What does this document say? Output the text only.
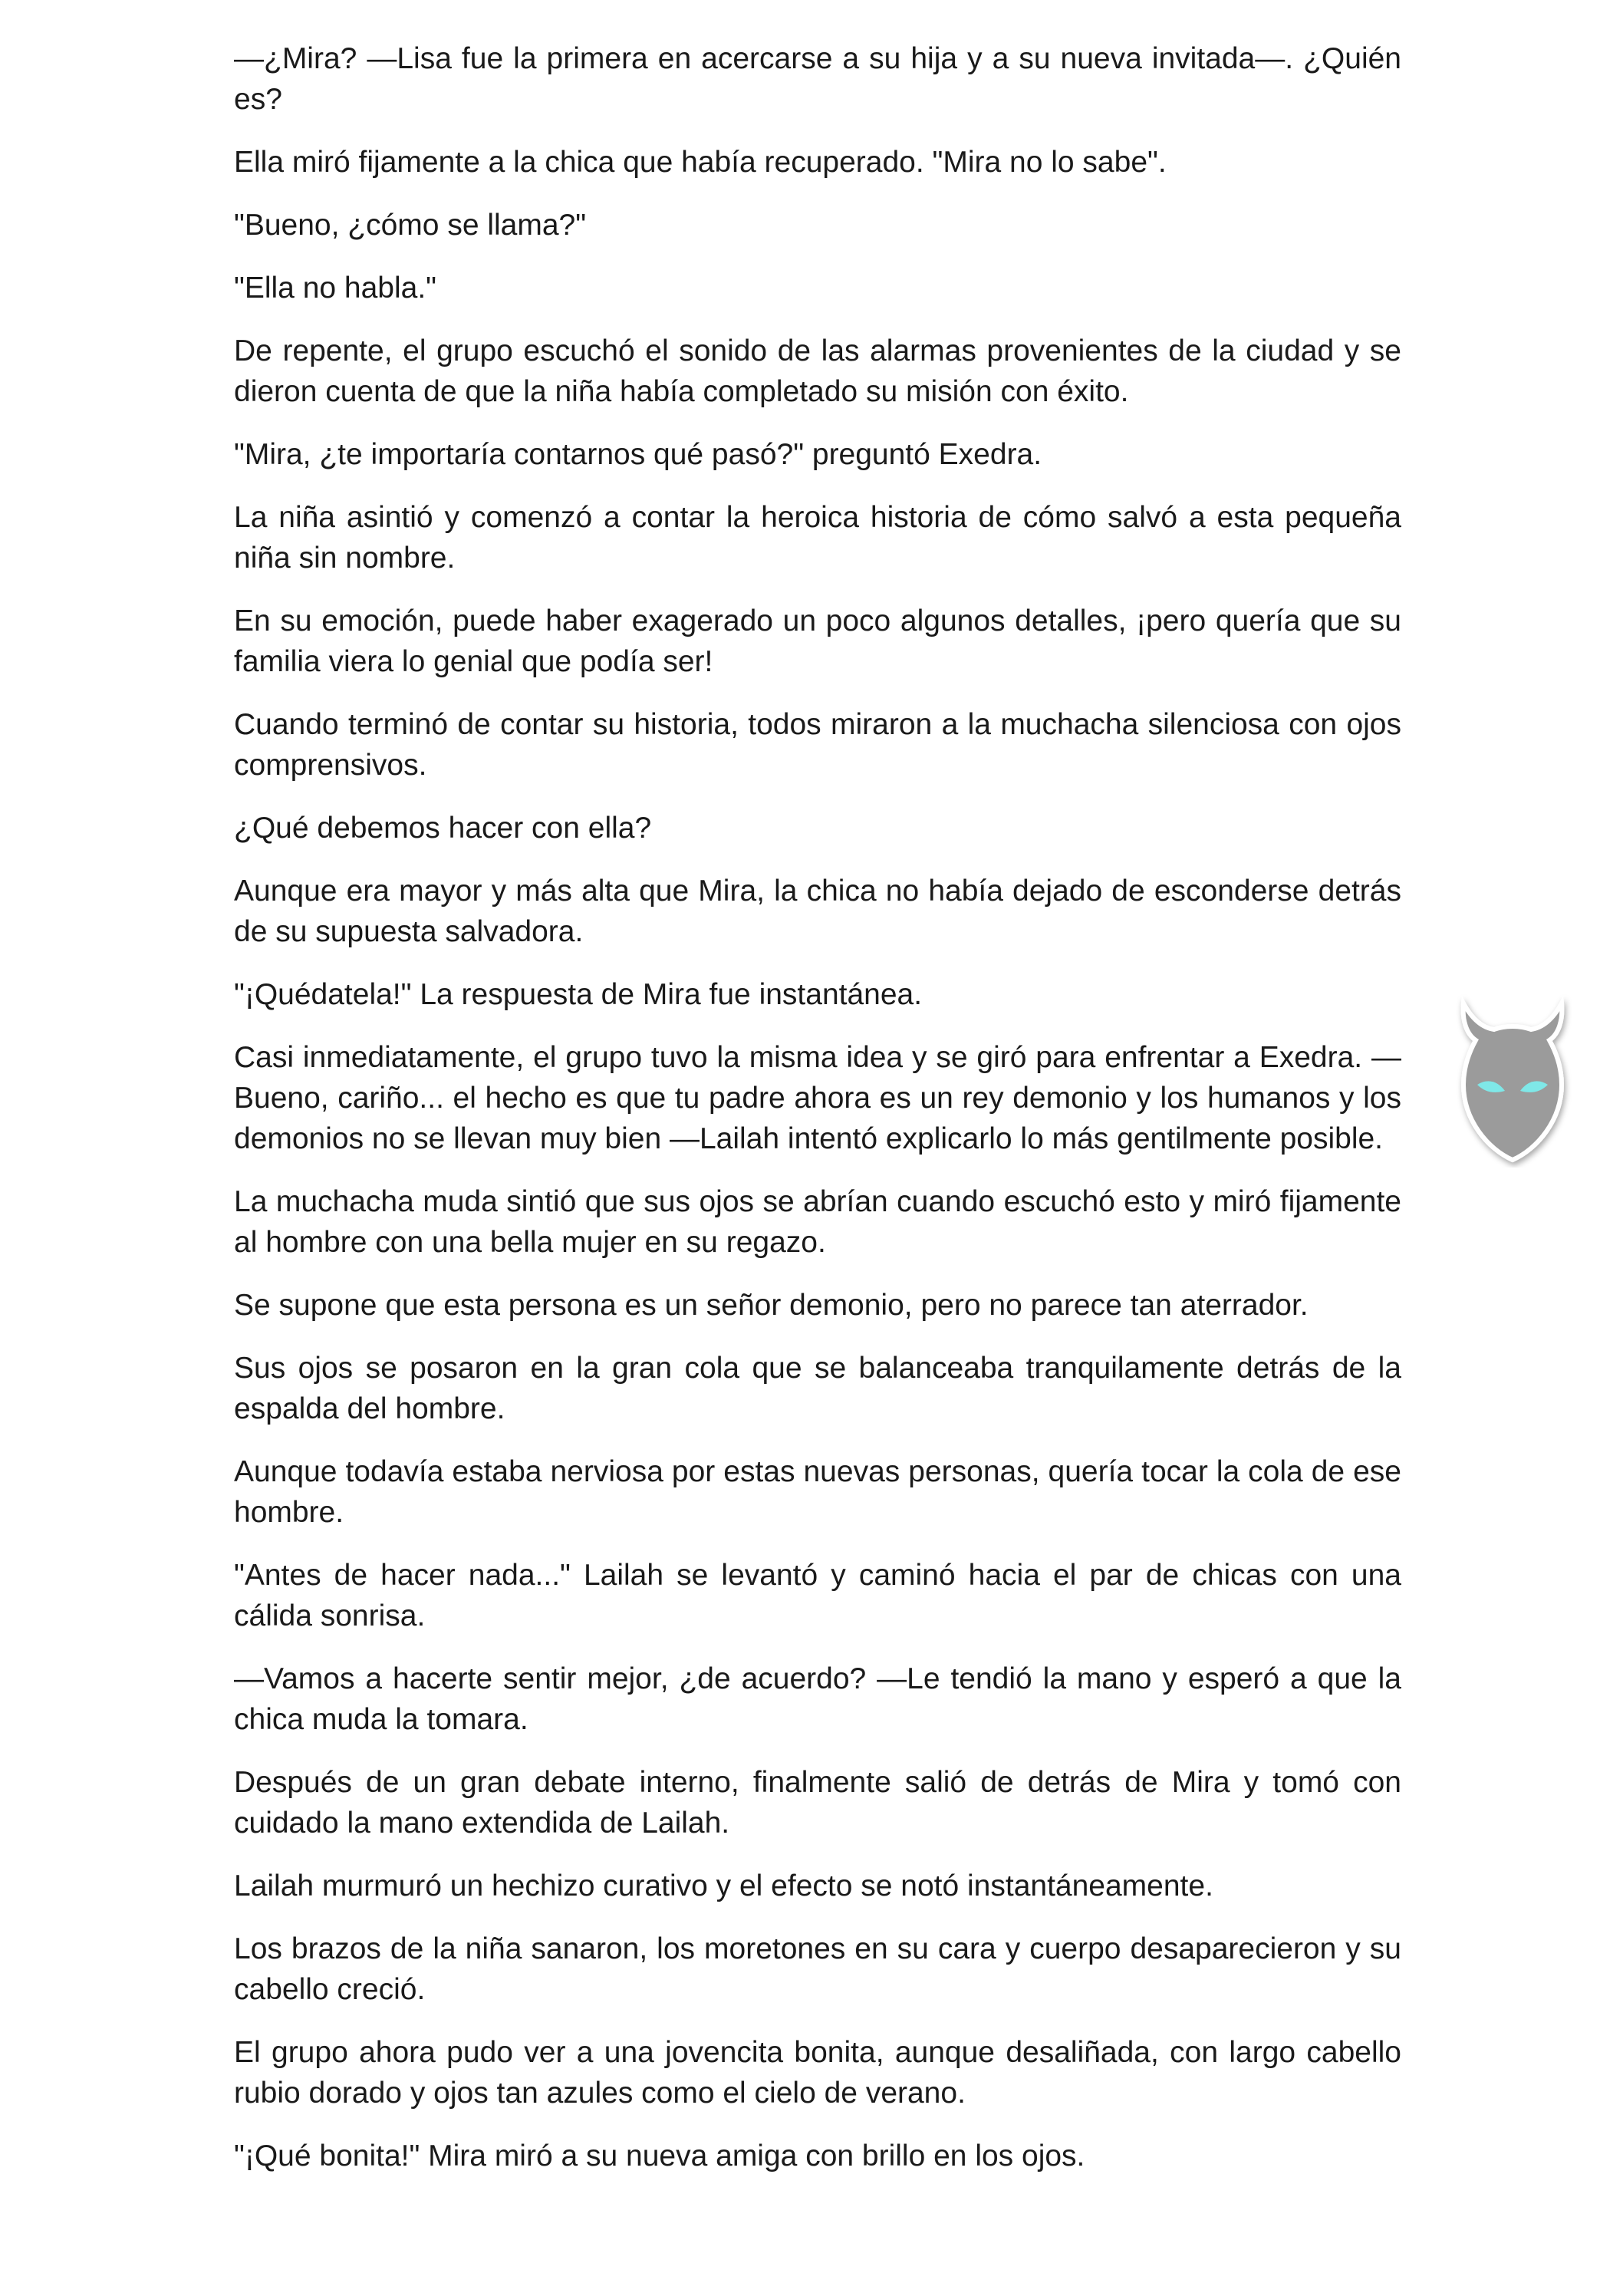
—¿Mira? —Lisa fue la primera en acercarse a su hija y a su nueva invitada—. ¿Quién es?

Ella miró fijamente a la chica que había recuperado. "Mira no lo sabe".

"Bueno, ¿cómo se llama?"

"Ella no habla."

De repente, el grupo escuchó el sonido de las alarmas provenientes de la ciudad y se dieron cuenta de que la niña había completado su misión con éxito.

"Mira, ¿te importaría contarnos qué pasó?" preguntó Exedra.

La niña asintió y comenzó a contar la heroica historia de cómo salvó a esta pequeña niña sin nombre.

En su emoción, puede haber exagerado un poco algunos detalles, ¡pero quería que su familia viera lo genial que podía ser!

Cuando terminó de contar su historia, todos miraron a la muchacha silenciosa con ojos comprensivos.

¿Qué debemos hacer con ella?

Aunque era mayor y más alta que Mira, la chica no había dejado de esconderse detrás de su supuesta salvadora.

"¡Quédatela!" La respuesta de Mira fue instantánea.

Casi inmediatamente, el grupo tuvo la misma idea y se giró para enfrentar a Exedra. —Bueno, cariño... el hecho es que tu padre ahora es un rey demonio y los humanos y los demonios no se llevan muy bien —Lailah intentó explicarlo lo más gentilmente posible.

La muchacha muda sintió que sus ojos se abrían cuando escuchó esto y miró fijamente al hombre con una bella mujer en su regazo.

Se supone que esta persona es un señor demonio, pero no parece tan aterrador.

Sus ojos se posaron en la gran cola que se balanceaba tranquilamente detrás de la espalda del hombre.

Aunque todavía estaba nerviosa por estas nuevas personas, quería tocar la cola de ese hombre.

"Antes de hacer nada..." Lailah se levantó y caminó hacia el par de chicas con una cálida sonrisa.

—Vamos a hacerte sentir mejor, ¿de acuerdo? —Le tendió la mano y esperó a que la chica muda la tomara.

Después de un gran debate interno, finalmente salió de detrás de Mira y tomó con cuidado la mano extendida de Lailah.

Lailah murmuró un hechizo curativo y el efecto se notó instantáneamente.

Los brazos de la niña sanaron, los moretones en su cara y cuerpo desaparecieron y su cabello creció.

El grupo ahora pudo ver a una jovencita bonita, aunque desaliñada, con largo cabello rubio dorado y ojos tan azules como el cielo de verano.

"¡Qué bonita!" Mira miró a su nueva amiga con brillo en los ojos.
